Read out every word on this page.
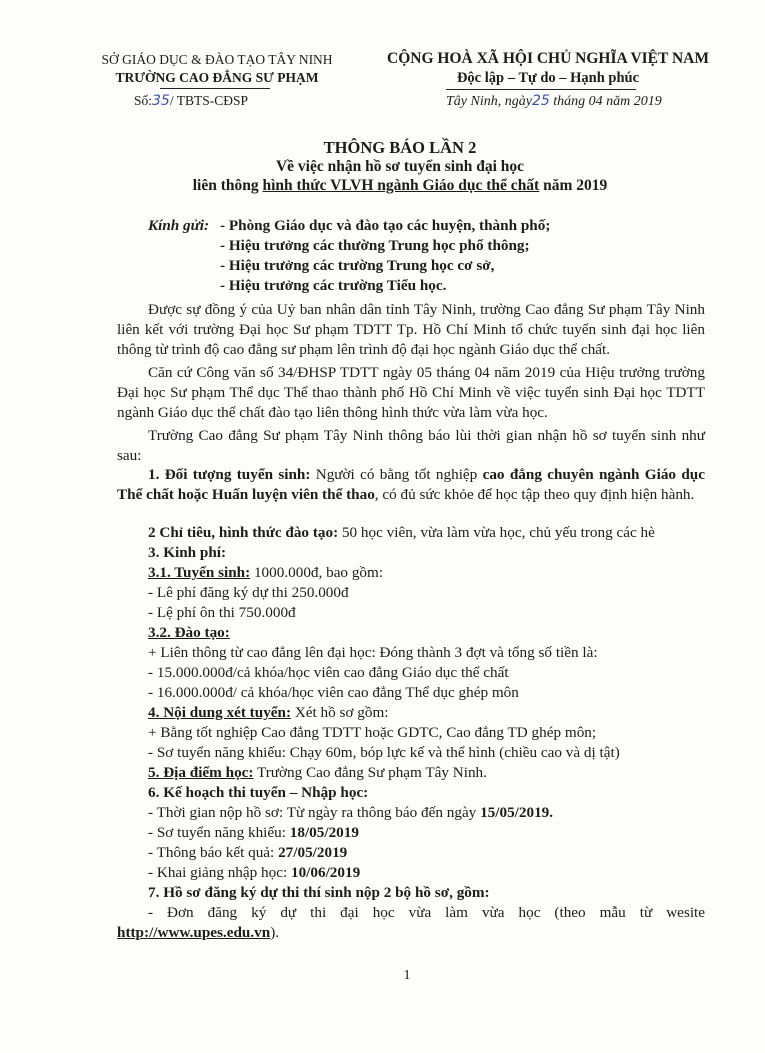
SỞ GIÁO DỤC & ĐÀO TẠO TÂY NINH
TRƯỜNG CAO ĐẲNG SƯ PHẠM
Số:35/ TBTS-CĐSP
CỘNG HOÀ XÃ HỘI CHỦ NGHĨA VIỆT NAM
Độc lập – Tự do – Hạnh phúc
Tây Ninh, ngày25 tháng 04 năm 2019
THÔNG BÁO LẦN 2
Về việc nhận hồ sơ tuyển sinh đại học
liên thông hình thức VLVH ngành Giáo dục thể chất năm 2019
Kính gửi: - Phòng Giáo dục và đào tạo các huyện, thành phố;
- Hiệu trưởng các thường Trung học phổ thông;
- Hiệu trưởng các trường Trung học cơ sở,
- Hiệu trưởng các trường Tiểu học.
Được sự đồng ý của Uỷ ban nhân dân tỉnh Tây Ninh, trường Cao đẳng Sư phạm Tây Ninh liên kết với trường Đại học Sư phạm TDTT Tp. Hồ Chí Minh tổ chức tuyển sinh đại học liên thông từ trình độ cao đẳng sư phạm lên trình độ đại học ngành Giáo dục thể chất.
Căn cứ Công văn số 34/ĐHSP TDTT ngày 05 tháng 04 năm 2019 của Hiệu trưởng trường Đại học Sư phạm Thể dục Thể thao thành phố Hồ Chí Minh về việc tuyển sinh Đại học TDTT ngành Giáo dục thể chất đào tạo liên thông hình thức vừa làm vừa học.
Trường Cao đẳng Sư phạm Tây Ninh thông báo lùi thời gian nhận hồ sơ tuyển sinh như sau:
1. Đối tượng tuyển sinh: Người có bằng tốt nghiệp cao đẳng chuyên ngành Giáo dục Thể chất hoặc Huấn luyện viên thể thao, có đủ sức khỏe để học tập theo quy định hiện hành.
2 Chỉ tiêu, hình thức đào tạo: 50 học viên, vừa làm vừa học, chủ yếu trong các hè
3. Kinh phí:
3.1. Tuyển sinh: 1000.000đ, bao gồm:
- Lê phí đăng ký dự thi 250.000đ
- Lệ phí ôn thi 750.000đ
3.2. Đào tạo:
+ Liên thông từ cao đẳng lên đại học: Đóng thành 3 đợt và tổng số tiền là:
- 15.000.000đ/cả khóa/học viên cao đẳng Giáo dục thể chất
- 16.000.000đ/ cả khóa/học viên cao đẳng Thể dục ghép môn
4. Nội dung xét tuyển: Xét hồ sơ gồm:
+ Bằng tốt nghiệp Cao đẳng TDTT hoặc GDTC, Cao đẳng TD ghép môn;
- Sơ tuyển năng khiếu: Chạy 60m, bóp lực kế và thể hình (chiều cao và dị tật)
5. Địa điểm học: Trường Cao đẳng Sư phạm Tây Ninh.
6. Kế hoạch thi tuyển – Nhập học:
- Thời gian nộp hồ sơ: Từ ngày ra thông báo đến ngày 15/05/2019.
- Sơ tuyển năng khiếu: 18/05/2019
- Thông báo kết quả: 27/05/2019
- Khai giảng nhập học: 10/06/2019
7. Hồ sơ đăng ký dự thi thí sinh nộp 2 bộ hồ sơ, gồm:
- Đơn đăng ký dự thi đại học vừa làm vừa học (theo mẫu từ wesite
http://www.upes.edu.vn).
1
